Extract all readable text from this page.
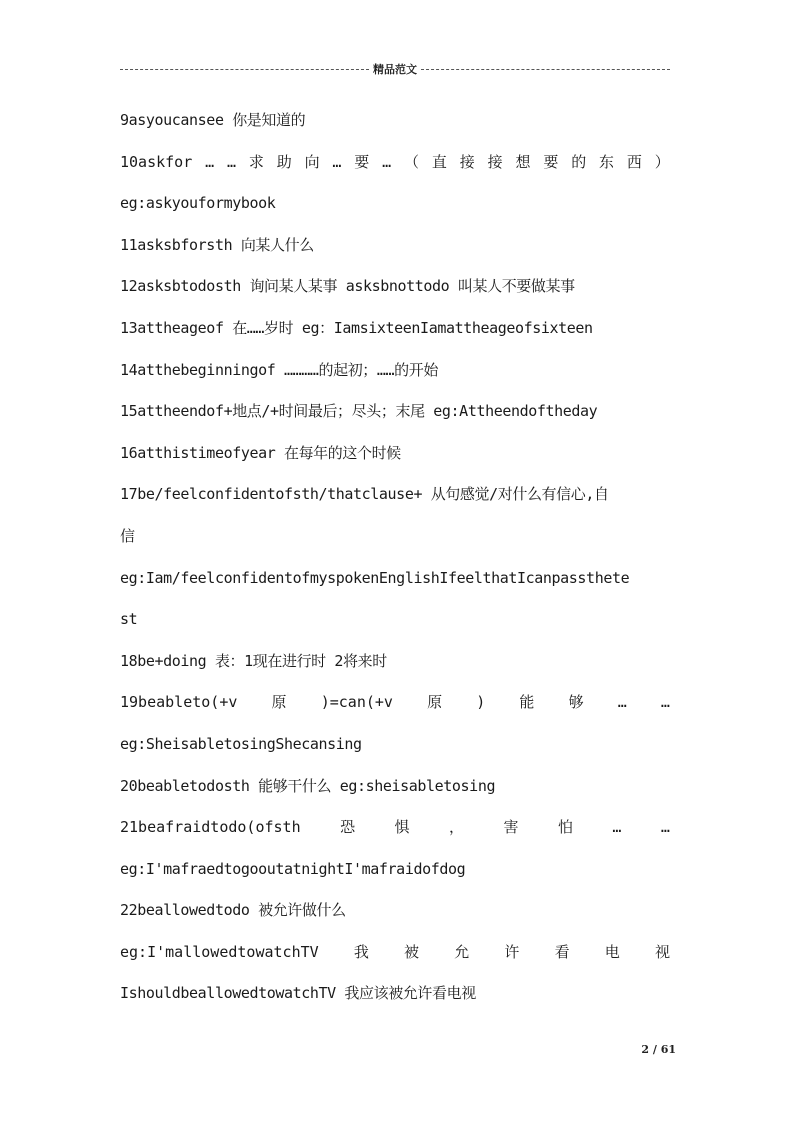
精品范文
9asyoucansee 你是知道的
10askfor … … 求 助 向 … 要 … （ 直 接 接 想 要 的 东 西 ）
eg:askyouformybook
11asksbforsth 向某人什么
12asksbtodosth 询问某人某事 asksbnottodo 叫某人不要做某事
13attheageof 在……岁时 eg：IamsixteenIamattheageofsixteen
14atthebeginningof …………的起初；……的开始
15attheendof+地点/+时间最后；尽头；末尾 eg:Attheendoftheday
16atthistimeofyear 在每年的这个时候
17be/feelconfidentofsth/thatclause+ 从句感觉/对什么有信心,自
信
eg:Iam/feelconfidentofmyspokenEnglishIfeelthatIcanpassthete
st
18be+doing 表：1现在进行时 2将来时
19beableto(+v 原 )=can(+v 原 ) 能 够 … …
eg:SheisabletosingShecansing
20beabletodosth 能够干什么 eg:sheisabletosing
21beafraidtodo(ofsth	恐	惧	，	害	怕	…	…
eg:I'mafraedtogooutatnightI'mafraidofdog
22beallowedtodo 被允许做什么
eg:I'mallowedtowatchTV 我 被 允 许 看 电 视
IshouldbeallowedtowatchTV 我应该被允许看电视
2 / 61
